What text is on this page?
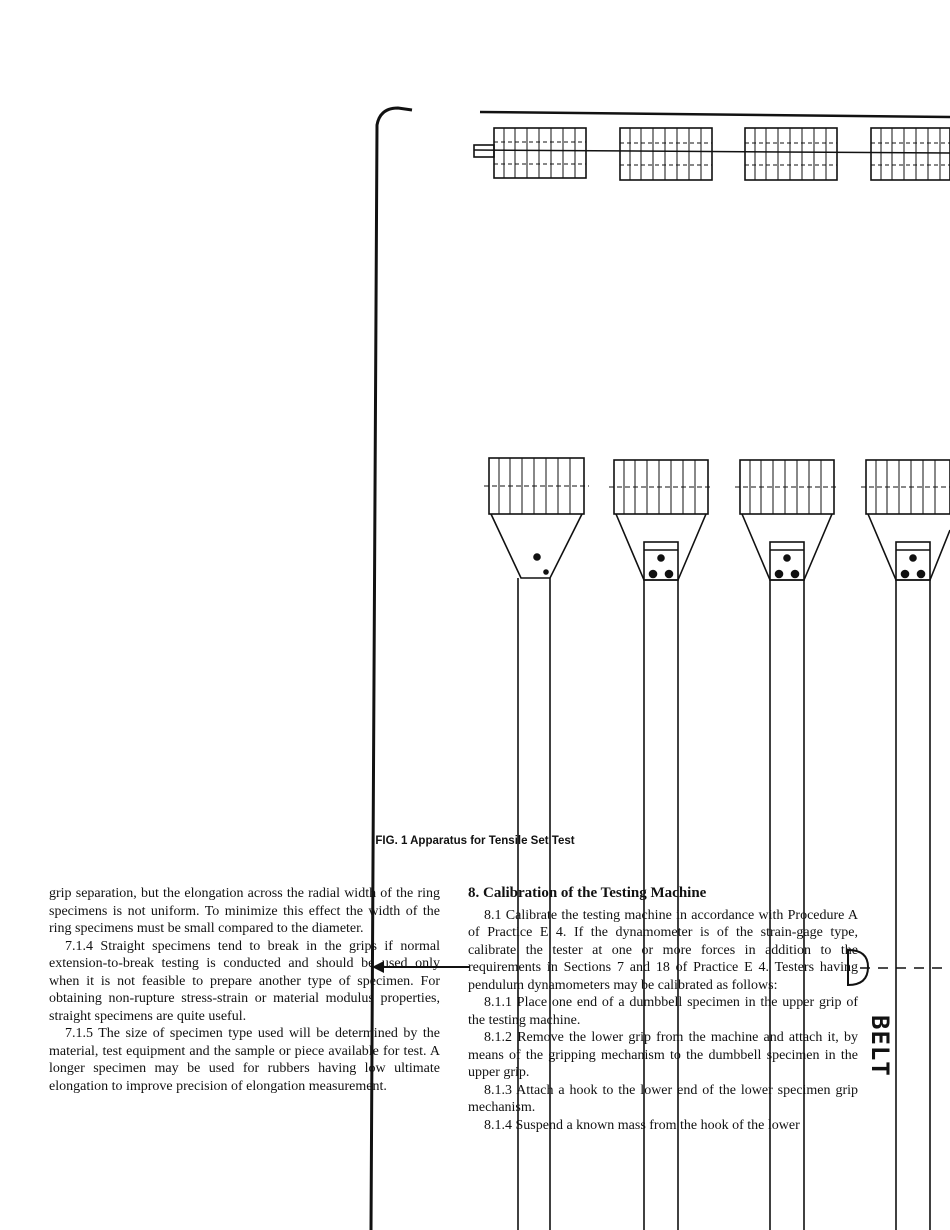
FIG. 1 Apparatus for Tensile Set Test
BELT

grip separation, but the elongation across the radial width of the ring specimens is not uniform. To minimize this effect the width of the ring specimens must be small compared to the diameter.

7.1.4 Straight specimens tend to break in the grips if normal extension-to-break testing is conducted and should be used only when it is not feasible to prepare another type of specimen. For obtaining non-rupture stress-strain or material modulus properties, straight specimens are quite useful.

7.1.5 The size of specimen type used will be determined by the material, test equipment and the sample or piece available for test. A longer specimen may be used for rubbers having low ultimate elongation to improve precision of elongation measurement.

8. Calibration of the Testing Machine

8.1 Calibrate the testing machine in accordance with Procedure A of Practice E 4. If the dynamometer is of the strain-gage type, calibrate the tester at one or more forces in addition to the requirements in Sections 7 and 18 of Practice E 4. Testers having pendulum dynamometers may be calibrated as follows:

8.1.1 Place one end of a dumbbell specimen in the upper grip of the testing machine.

8.1.2 Remove the lower grip from the machine and attach it, by means of the gripping mechanism to the dumbbell specimen in the upper grip.

8.1.3 Attach a hook to the lower end of the lower specimen grip mechanism.

8.1.4 Suspend a known mass from the hook of the lower
